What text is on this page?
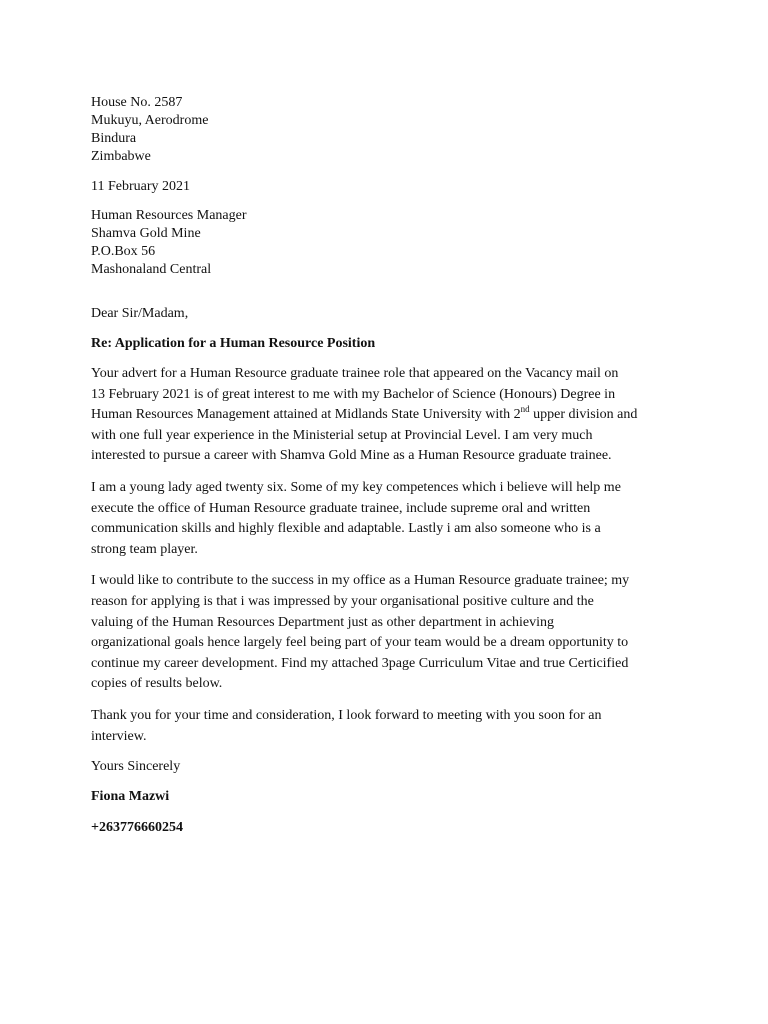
House No. 2587
Mukuyu, Aerodrome
Bindura
Zimbabwe
11 February 2021
Human Resources Manager
Shamva Gold Mine
P.O.Box 56
Mashonaland Central
Dear Sir/Madam,
Re: Application for a Human Resource Position
Your advert for a Human Resource graduate trainee role that appeared on the Vacancy mail on
13 February 2021 is of great interest to me with my Bachelor of Science (Honours) Degree in
Human Resources Management attained at Midlands State University with 2nd upper division and
with one full year experience in the Ministerial setup at Provincial Level. I am very much
interested to pursue a career with Shamva Gold Mine as a Human Resource graduate trainee.
I am a young lady aged twenty six. Some of my key competences which i believe will help me
execute the office of Human Resource graduate trainee, include supreme oral and written
communication skills and highly flexible and adaptable. Lastly i am also someone who is a
strong team player.
I would like to contribute to the success in my office as a Human Resource graduate trainee; my
reason for applying is that i was impressed by your organisational positive culture and the
valuing of the Human Resources Department just as other department in achieving
organizational goals hence largely feel being part of your team would be a dream opportunity to
continue my career development. Find my attached 3page Curriculum Vitae and true Certicified
copies of results below.
Thank you for your time and consideration, I look forward to meeting with you soon for an
interview.
Yours Sincerely
Fiona Mazwi
+263776660254
